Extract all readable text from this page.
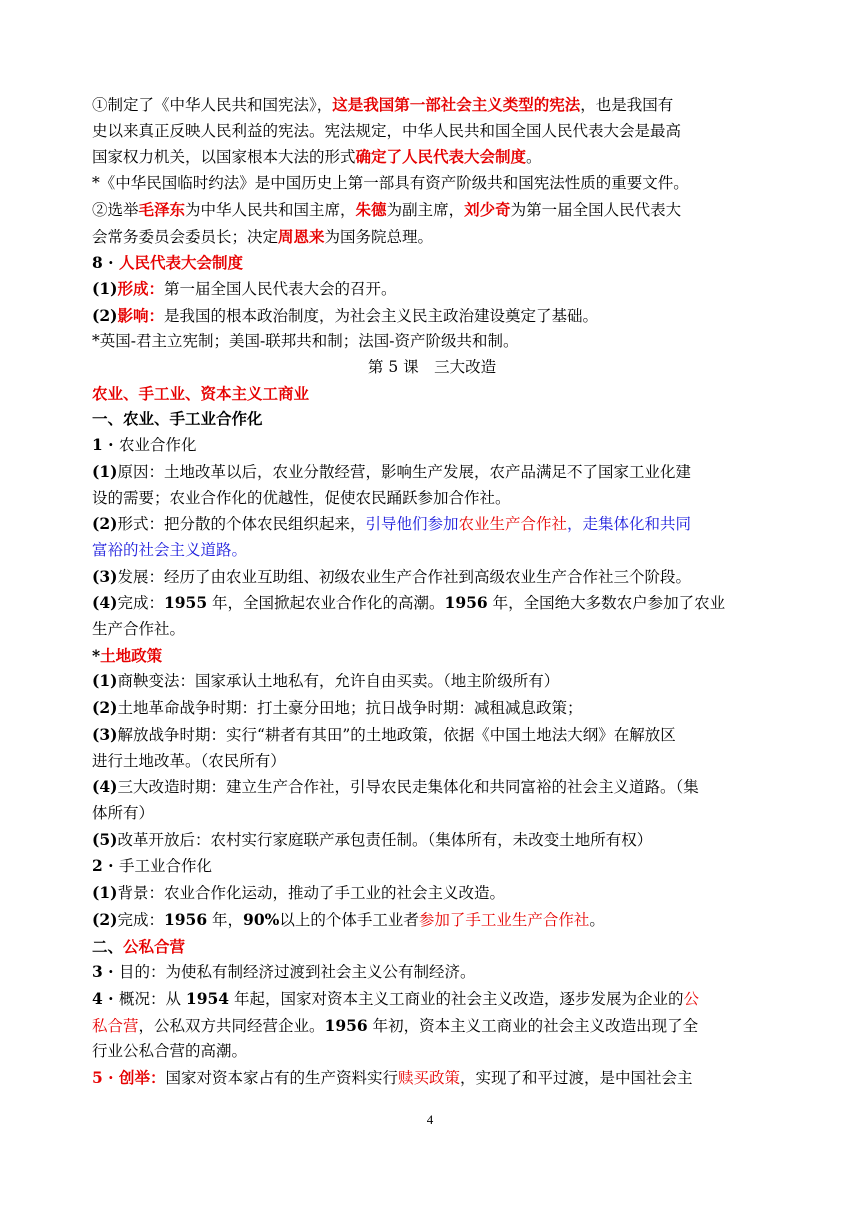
①制定了《中华人民共和国宪法》，这是我国第一部社会主义类型的宪法，也是我国有
史以来真正反映人民利益的宪法。宪法规定，中华人民共和国全国人民代表大会是最高
国家权力机关，以国家根本大法的形式确定了人民代表大会制度。
*《中华民国临时约法》是中国历史上第一部具有资产阶级共和国宪法性质的重要文件。
②选举毛泽东为中华人民共和国主席，朱德为副主席，刘少奇为第一届全国人民代表大
会常务委员会委员长；决定周恩来为国务院总理。
8 · 人民代表大会制度
(1)形成：第一届全国人民代表大会的召开。
(2)影响：是我国的根本政治制度，为社会主义民主政治建设奠定了基础。
*英国-君主立宪制；美国-联邦共和制；法国-资产阶级共和制。
第 5 课　三大改造
农业、手工业、资本主义工商业
一、农业、手工业合作化
1 · 农业合作化
(1)原因：土地改革以后，农业分散经营，影响生产发展，农产品满足不了国家工业化建
设的需要；农业合作化的优越性，促使农民踊跃参加合作社。
(2)形式：把分散的个体农民组织起来，引导他们参加农业生产合作社，走集体化和共同
富裕的社会主义道路。
(3)发展：经历了由农业互助组、初级农业生产合作社到高级农业生产合作社三个阶段。
(4)完成：1955 年，全国掀起农业合作化的高潮。1956 年，全国绝大多数农户参加了农业
生产合作社。
*土地政策
(1)商鞅变法：国家承认土地私有，允许自由买卖。（地主阶级所有）
(2)土地革命战争时期：打土豪分田地；抗日战争时期：减租减息政策；
(3)解放战争时期：实行“耕者有其田”的土地政策，依据《中国土地法大纲》在解放区
进行土地改革。（农民所有）
(4)三大改造时期：建立生产合作社，引导农民走集体化和共同富裕的社会主义道路。（集
体所有）
(5)改革开放后：农村实行家庭联产承包责任制。（集体所有，未改变土地所有权）
2 · 手工业合作化
(1)背景：农业合作化运动，推动了手工业的社会主义改造。
(2)完成：1956 年，90%以上的个体手工业者参加了手工业生产合作社。
二、公私合营
3 · 目的：为使私有制经济过渡到社会主义公有制经济。
4 · 概况：从 1954 年起，国家对资本主义工商业的社会主义改造，逐步发展为企业的公
私合营，公私双方共同经营企业。1956 年初，资本主义工商业的社会主义改造出现了全
行业公私合营的高潮。
5 · 创举：国家对资本家占有的生产资料实行赎买政策，实现了和平过渡，是中国社会主
4
